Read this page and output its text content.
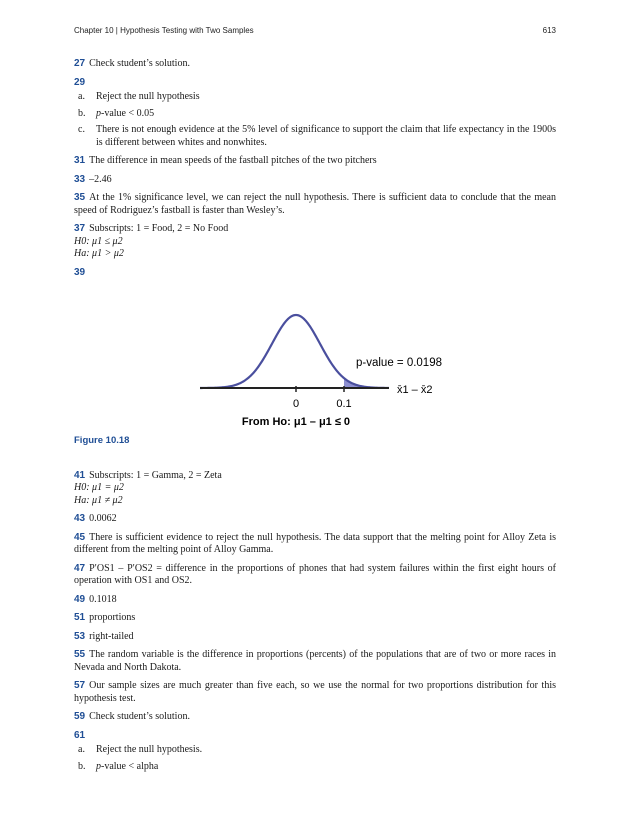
Chapter 10 | Hypothesis Testing with Two Samples	613
27 Check student’s solution.
29
a. Reject the null hypothesis
b. p-value < 0.05
c. There is not enough evidence at the 5% level of significance to support the claim that life expectancy in the 1900s is different between whites and nonwhites.
31 The difference in mean speeds of the fastball pitches of the two pitchers
33 –2.46
35 At the 1% significance level, we can reject the null hypothesis. There is sufficient data to conclude that the mean speed of Rodriguez’s fastball is faster than Wesley’s.
37 Subscripts: 1 = Food, 2 = No Food
H0: μ1 ≤ μ2
Ha: μ1 > μ2
39
0	0.1
p-value = 0.0198
x̄1 – x̄2
From Ho: μ1 – μ1 ≤ 0
Figure 10.18
41 Subscripts: 1 = Gamma, 2 = Zeta
H0: μ1 = μ2
Ha: μ1 ≠ μ2
43 0.0062
45 There is sufficient evidence to reject the null hypothesis. The data support that the melting point for Alloy Zeta is different from the melting point of Alloy Gamma.
47 P′OS1 – P′OS2 = difference in the proportions of phones that had system failures within the first eight hours of operation with OS1 and OS2.
49 0.1018
51 proportions
53 right-tailed
55 The random variable is the difference in proportions (percents) of the populations that are of two or more races in Nevada and North Dakota.
57 Our sample sizes are much greater than five each, so we use the normal for two proportions distribution for this hypothesis test.
59 Check student’s solution.
61
a. Reject the null hypothesis.
b. p-value < alpha
